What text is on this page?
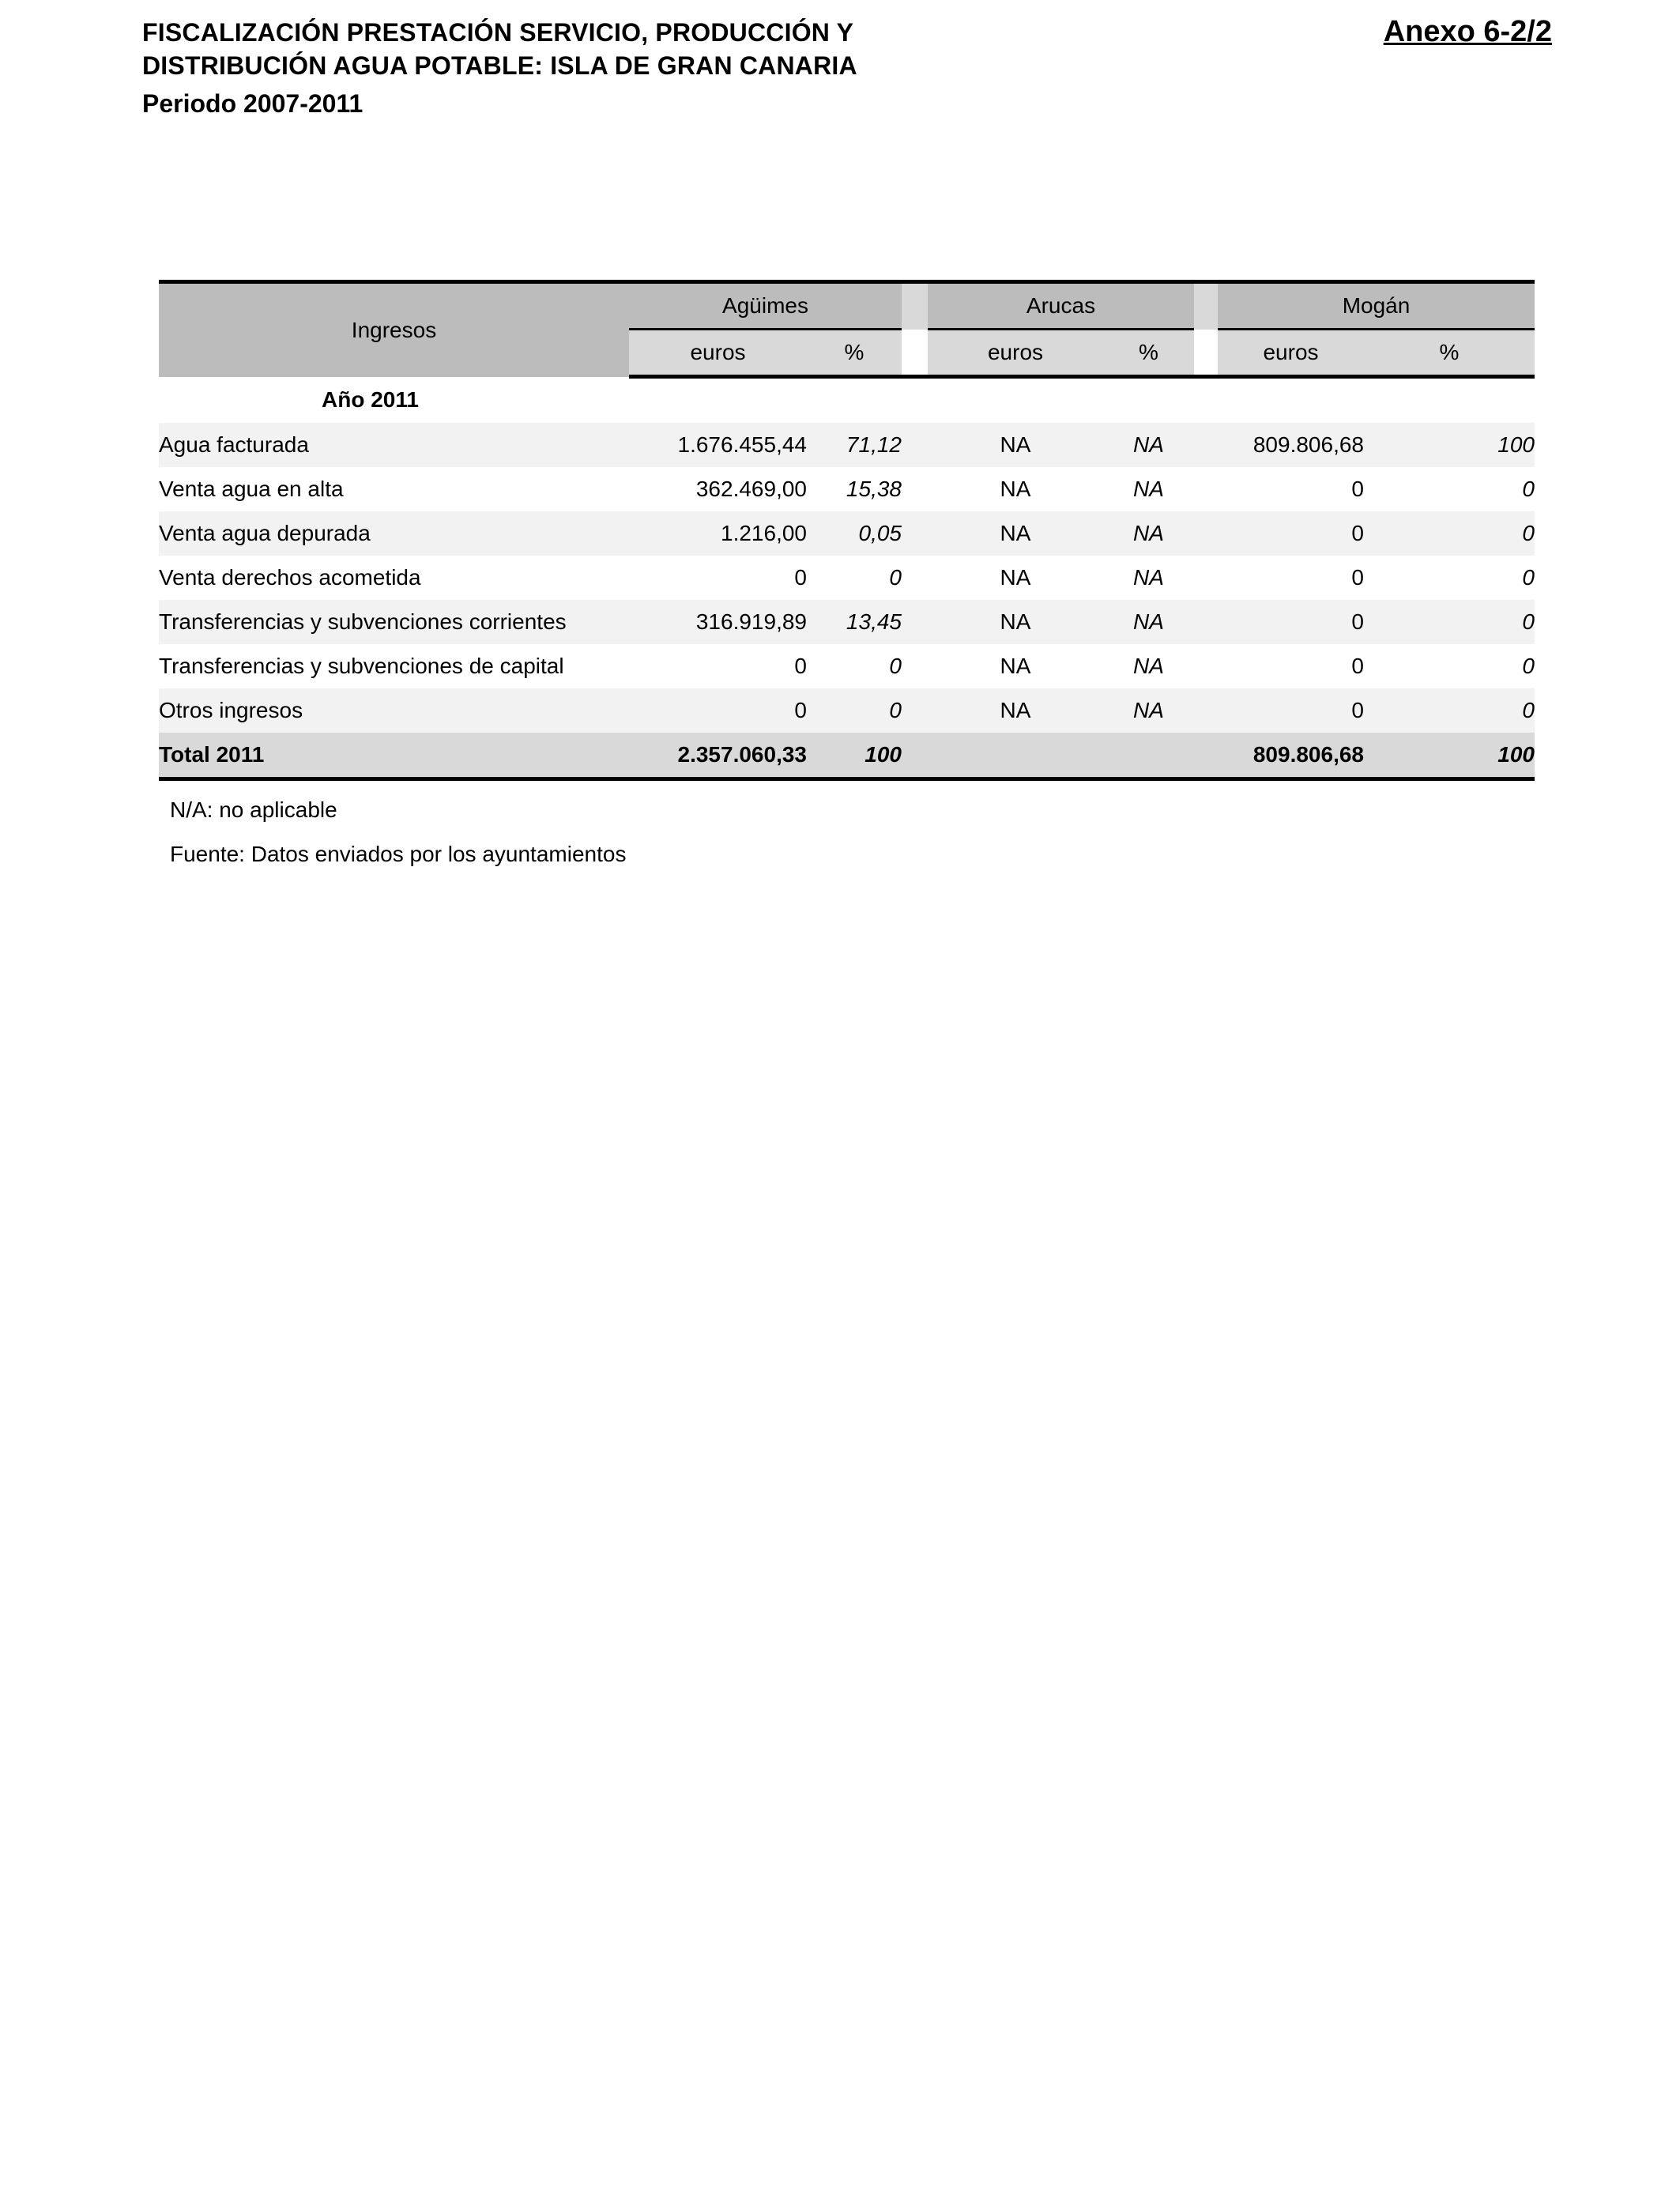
FISCALIZACIÓN PRESTACIÓN SERVICIO, PRODUCCIÓN Y
DISTRIBUCIÓN AGUA POTABLE: ISLA DE GRAN CANARIA
Periodo 2007-2011
Anexo 6-2/2
Ingresos	Agüimes			Arucas			Mogán	
	euros	%		euros	%		euros	%
Año 2011								
Agua facturada	1.676.455,44	71,12		NA	NA		809.806,68	100
Venta agua en alta	362.469,00	15,38		NA	NA		0	0
Venta agua depurada	1.216,00	0,05		NA	NA		0	0
Venta derechos acometida	0	0		NA	NA		0	0
Transferencias y subvenciones corrientes	316.919,89	13,45		NA	NA		0	0
Transferencias y subvenciones de capital	0	0		NA	NA		0	0
Otros ingresos	0	0		NA	NA		0	0
Total 2011	2.357.060,33	100					809.806,68	100
N/A: no aplicable
Fuente: Datos enviados por los ayuntamientos
